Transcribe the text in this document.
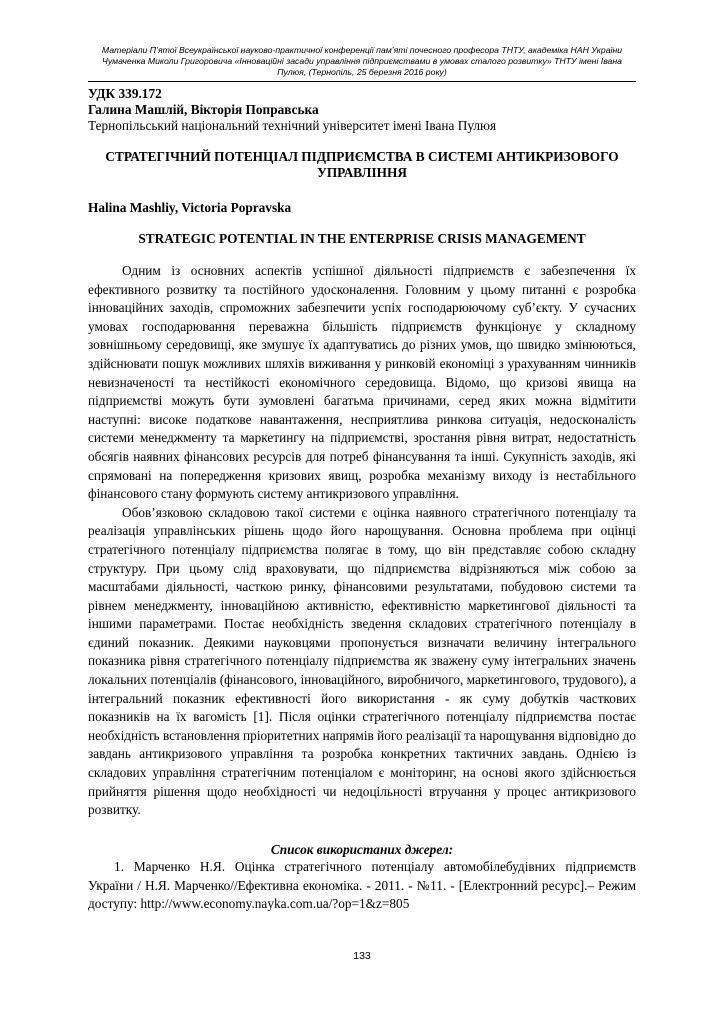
Матеріали П’ятої Всеукраїнської науково-практичної конференції пам’яті почесного професора ТНТУ, академіка НАН України Чумаченка Миколи Григоровича «Інноваційні засади управління підприємствами в умовах сталого розвитку» ТНТУ імені Івана Пулюя, (Тернопіль, 25 березня 2016 року)
УДК 339.172
Галина Машлій, Вікторія Поправська
Тернопільський національний технічний університет імені Івана Пулюя
СТРАТЕГІЧНИЙ ПОТЕНЦІАЛ ПІДПРИЄМСТВА В СИСТЕМІ АНТИКРИЗОВОГО УПРАВЛІННЯ
Halina Mashliy, Victoria Popravska
STRATEGIC POTENTIAL IN THE ENTERPRISE CRISIS MANAGEMENT

Одним із основних аспектів успішної діяльності підприємств є забезпечення їх ефективного розвитку та постійного удосконалення. Головним у цьому питанні є розробка інноваційних заходів, спроможних забезпечити успіх господарюючому суб’єкту. У сучасних умовах господарювання переважна більшість підприємств функціонує у складному зовнішньому середовищі, яке змушує їх адаптуватись до різних умов, що швидко змінюються, здійснювати пошук можливих шляхів виживання у ринковій економіці з урахуванням чинників невизначеності та нестійкості економічного середовища. Відомо, що кризові явища на підприємстві можуть бути зумовлені багатьма причинами, серед яких можна відмітити наступні: високе податкове навантаження, несприятлива ринкова ситуація, недосконалість системи менеджменту та маркетингу на підприємстві, зростання рівня витрат, недостатність обсягів наявних фінансових ресурсів для потреб фінансування та інші. Сукупність заходів, які спрямовані на попередження кризових явищ, розробка механізму виходу із нестабільного фінансового стану формують систему антикризового управління.

Обов’язковою складовою такої системи є оцінка наявного стратегічного потенціалу та реалізація управлінських рішень щодо його нарощування. Основна проблема при оцінці стратегічного потенціалу підприємства полягає в тому, що він представляє собою складну структуру. При цьому слід враховувати, що підприємства відрізняються між собою за масштабами діяльності, часткою ринку, фінансовими результатами, побудовою системи та рівнем менеджменту, інноваційною активністю, ефективністю маркетингової діяльності та іншими параметрами. Постає необхідність зведення складових стратегічного потенціалу в єдиний показник. Деякими науковцями пропонується визначати величину інтегрального показника рівня стратегічного потенціалу підприємства як зважену суму інтегральних значень локальних потенціалів (фінансового, інноваційного, виробничого, маркетингового, трудового), а інтегральний показник ефективності його використання - як суму добутків часткових показників на їх вагомість [1]. Після оцінки стратегічного потенціалу підприємства постає необхідність встановлення пріоритетних напрямів його реалізації та нарощування відповідно до завдань антикризового управління та розробка конкретних тактичних завдань. Однією із складових управління стратегічним потенціалом є моніторинг, на основі якого здійснюється прийняття рішення щодо необхідності чи недоцільності втручання у процес антикризового розвитку.

Список використаних джерел:

1. Марченко Н.Я. Оцінка стратегічного потенціалу автомобілебудівних підприємств України / Н.Я. Марченко//Ефективна економіка. - 2011. - №11. - [Електронний ресурс].– Режим доступу: http://www.economy.nayka.com.ua/?op=1&z=805

133
